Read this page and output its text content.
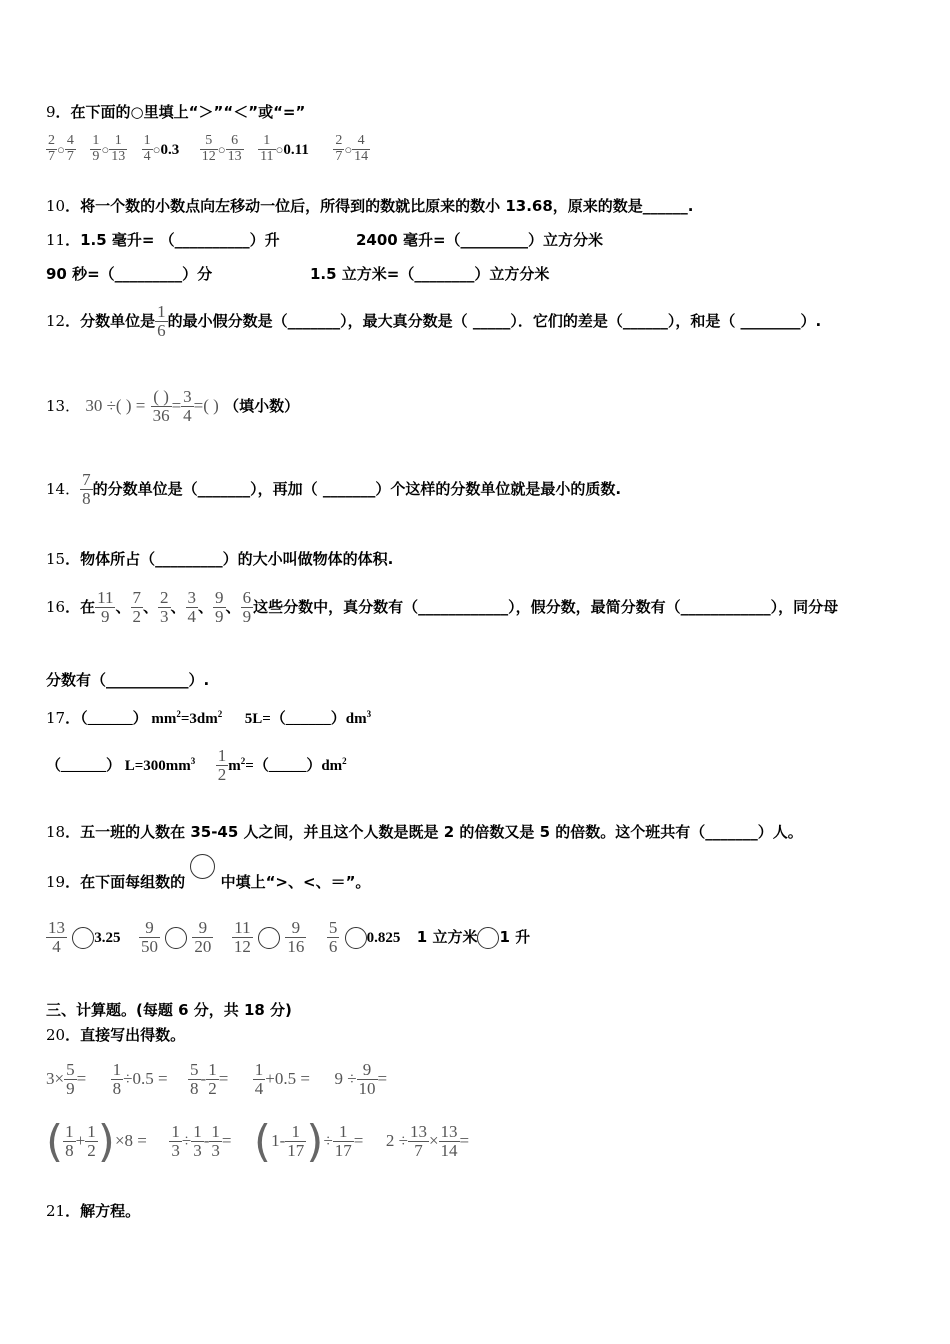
9．在下面的○里填上“＞”“＜”或“=”
$\frac{2}{7}$ ○ $\frac{4}{7}$
$\frac{1}{9}$ ○ $\frac{1}{13}$
$\frac{1}{4}$ ○0.3 $\frac{5}{12}$ ○ $\frac{6}{13}$
$\frac{1}{11}$ ○0.11 $\frac{2}{7}$ ○ $\frac{4}{14}$
10．将一个数的小数点向左移动一位后，所得到的数就比原来的数小 13.68，原来的数是______.
11．1.5 毫升= （__________）升	2400 毫升=（_________）立方分米
90 秒=（_________）分	1.5 立方米=（________）立方分米
12．分数单位是 $\frac{1}{6}$ 的最小假分数是（_______），最大真分数是（ _____）．它们的差是（______），和是（ ________）.
13． 30 ÷( ) = $\frac{( )}{36} = \frac{3}{4}$ =( ) （填小数）
14． $\frac{7}{8}$ 的分数单位是（_______），再加（ _______）个这样的分数单位就是最小的质数.
15．物体所占（_________）的大小叫做物体的体积.
16．在 $\frac{11}{9}$ 、 $\frac{7}{2}$ 、 $\frac{2}{3}$ 、 $\frac{3}{4}$ 、 $\frac{9}{9}$ 、 $\frac{6}{9}$ 这些分数中，真分数有（____________），假分数，最简分数有（____________），同分母
分数有（___________）.
17．（______） $mm^2=3dm^2$ $5L=(\_\_\_\_\_\_)dm^3$
（______） $L=300mm^3 \frac{1}{2}$ $m^2=(\_\_\_\_\_)dm^2$
18．五一班的人数在 35-45 人之间，并且这个人数是既是 2 的倍数又是 5 的倍数。这个班共有（_______）人。
19．在下面每组数的 中填上“>、<、＝”。
$\frac{13}{4} 3.25 \frac{9}{50}$
$\frac{9}{20}$
$\frac{11}{12}$
$\frac{9}{16}$
$\frac{5}{6} 0.825$ 1 立方米 1 升
三、计算题。(每题 6 分，共 18 分)
20．直接写出得数。
$3\times \frac{5}{9} = \frac{1}{8} \div 0.5 = \frac{5}{8} - \frac{1}{2} = \frac{1}{4} +0.5 = 9 \div \frac{9}{10}$ =
( $\frac{1}{8} + \frac{1}{2} )\times 8 = \frac{1}{3} \div \frac{1}{3} - \frac{1}{3} = (1- \frac{1}{17}$ )÷ $\frac{1}{17} = 2 \div \frac{13}{7} \times \frac{13}{14}$ =
21．解方程。
